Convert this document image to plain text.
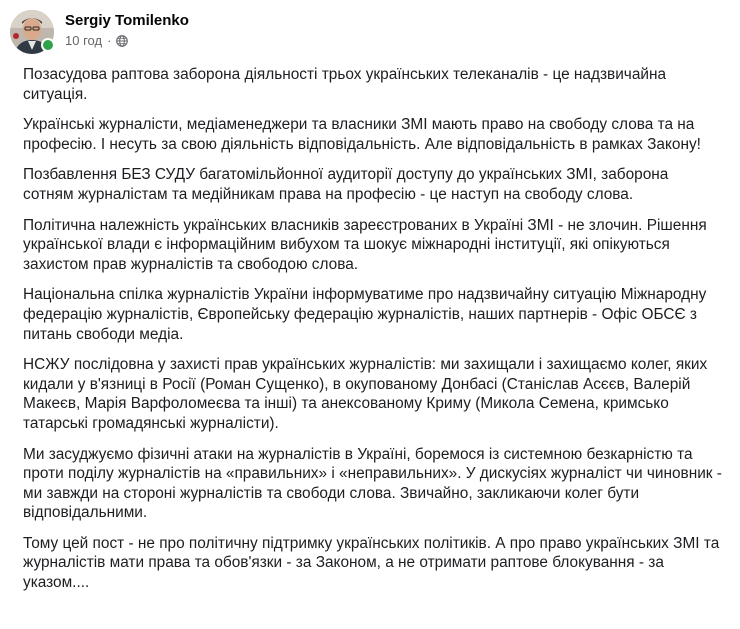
Sergiy Tomilenko
10 год ·

Позасудова раптова заборона діяльності трьох українських телеканалів - це надзвичайна ситуація.

Українські журналісти, медіаменеджери та власники ЗМІ мають право на свободу слова та на професію. І несуть за свою діяльність відповідальність. Але відповідальність в рамках Закону!

Позбавлення БЕЗ СУДУ багатомільйонної аудиторії доступу до українських ЗМІ, заборона сотням журналістам та медійникам права на професію - це наступ на свободу слова.

Політична належність українських власників зареєстрованих в Україні ЗМІ - не злочин. Рішення української влади є інформаційним вибухом та шокує міжнародні інституції, які опікуються захистом прав журналістів та свободою слова.

Національна спілка журналістів України інформуватиме про надзвичайну ситуацію Міжнародну федерацію журналістів, Європейську федерацію журналістів, наших партнерів - Офіс ОБСЄ з питань свободи медіа.

НСЖУ послідовна у захисті прав українських журналістів: ми захищали і захищаємо колег, яких кидали у в'язниці в Росії (Роман Сущенко), в окупованому Донбасі (Станіслав Асєєв, Валерій Макеєв, Марія Варфоломеєва та інші) та анексованому Криму (Микола Семена, кримсько татарські громадянські журналісти).

Ми засуджуємо фізичні атаки на журналістів в Україні, боремося із системною безкарністю та проти поділу журналістів на «правильних» і «неправильних». У дискусіях журналіст чи чиновник - ми завжди на стороні журналістів та свободи слова. Звичайно, закликаючи колег бути відповідальними.

Тому цей пост - не про політичну підтримку українських політиків. А про право українських ЗМІ та журналістів мати права та обов'язки - за Законом, а не отримати раптове блокування - за указом....
